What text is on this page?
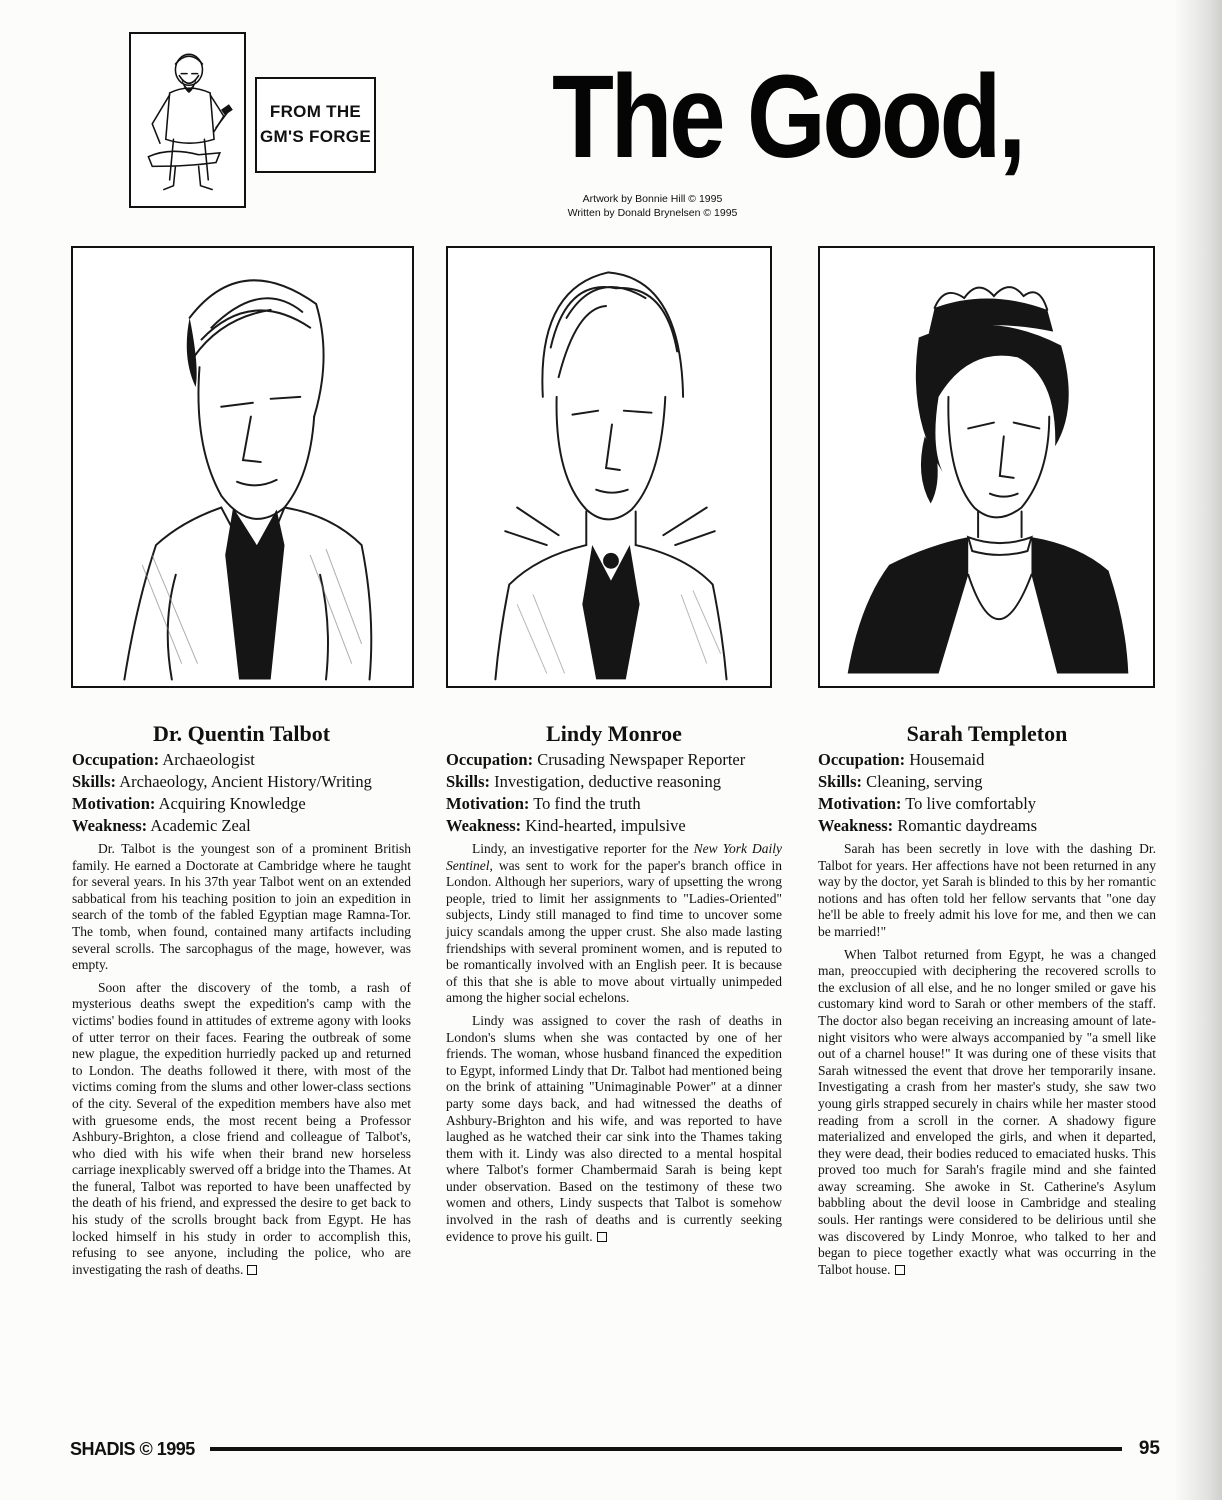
FROM THE
GM'S FORGE The Good,
Artwork by Bonnie Hill © 1995
Written by Donald Brynelsen © 1995
Dr. Quentin Talbot
Occupation: Archaeologist
Skills: Archaeology, Ancient History/Writing
Motivation: Acquiring Knowledge
Weakness: Academic Zeal

Dr. Talbot is the youngest son of a prominent British family. He earned a Doctorate at Cambridge where he taught for several years. In his 37th year Talbot went on an extended sabbatical from his teaching position to join an expedition in search of the tomb of the fabled Egyptian mage Ramna-Tor. The tomb, when found, contained many artifacts including several scrolls. The sarcophagus of the mage, however, was empty.

Soon after the discovery of the tomb, a rash of mysterious deaths swept the expedition's camp with the victims' bodies found in attitudes of extreme agony with looks of utter terror on their faces. Fearing the outbreak of some new plague, the expedition hurriedly packed up and returned to London. The deaths followed it there, with most of the victims coming from the slums and other lower-class sections of the city. Several of the expedition members have also met with gruesome ends, the most recent being a Professor Ashbury-Brighton, a close friend and colleague of Talbot's, who died with his wife when their brand new horseless carriage inexplicably swerved off a bridge into the Thames. At the funeral, Talbot was reported to have been unaffected by the death of his friend, and expressed the desire to get back to his study of the scrolls brought back from Egypt. He has locked himself in his study in order to accomplish this, refusing to see anyone, including the police, who are investigating the rash of deaths.

Lindy Monroe
Occupation: Crusading Newspaper Reporter
Skills: Investigation, deductive reasoning
Motivation: To find the truth
Weakness: Kind-hearted, impulsive

Lindy, an investigative reporter for the New York Daily Sentinel, was sent to work for the paper's branch office in London. Although her superiors, wary of upsetting the wrong people, tried to limit her assignments to "Ladies-Oriented" subjects, Lindy still managed to find time to uncover some juicy scandals among the upper crust. She also made lasting friendships with several prominent women, and is reputed to be romantically involved with an English peer. It is because of this that she is able to move about virtually unimpeded among the higher social echelons.

Lindy was assigned to cover the rash of deaths in London's slums when she was contacted by one of her friends. The woman, whose husband financed the expedition to Egypt, informed Lindy that Dr. Talbot had mentioned being on the brink of attaining "Unimaginable Power" at a dinner party some days back, and had witnessed the deaths of Ashbury-Brighton and his wife, and was reported to have laughed as he watched their car sink into the Thames taking them with it. Lindy was also directed to a mental hospital where Talbot's former Chambermaid Sarah is being kept under observation. Based on the testimony of these two women and others, Lindy suspects that Talbot is somehow involved in the rash of deaths and is currently seeking evidence to prove his guilt.

Sarah Templeton
Occupation: Housemaid
Skills: Cleaning, serving
Motivation: To live comfortably
Weakness: Romantic daydreams

Sarah has been secretly in love with the dashing Dr. Talbot for years. Her affections have not been returned in any way by the doctor, yet Sarah is blinded to this by her romantic notions and has often told her fellow servants that "one day he'll be able to freely admit his love for me, and then we can be married!"

When Talbot returned from Egypt, he was a changed man, preoccupied with deciphering the recovered scrolls to the exclusion of all else, and he no longer smiled or gave his customary kind word to Sarah or other members of the staff. The doctor also began receiving an increasing amount of late-night visitors who were always accompanied by "a smell like out of a charnel house!" It was during one of these visits that Sarah witnessed the event that drove her temporarily insane. Investigating a crash from her master's study, she saw two young girls strapped securely in chairs while her master stood reading from a scroll in the corner. A shadowy figure materialized and enveloped the girls, and when it departed, they were dead, their bodies reduced to emaciated husks. This proved too much for Sarah's fragile mind and she fainted away screaming. She awoke in St. Catherine's Asylum babbling about the devil loose in Cambridge and stealing souls. Her rantings were considered to be delirious until she was discovered by Lindy Monroe, who talked to her and began to piece together exactly what was occurring in the Talbot house.

SHADIS © 1995	95
